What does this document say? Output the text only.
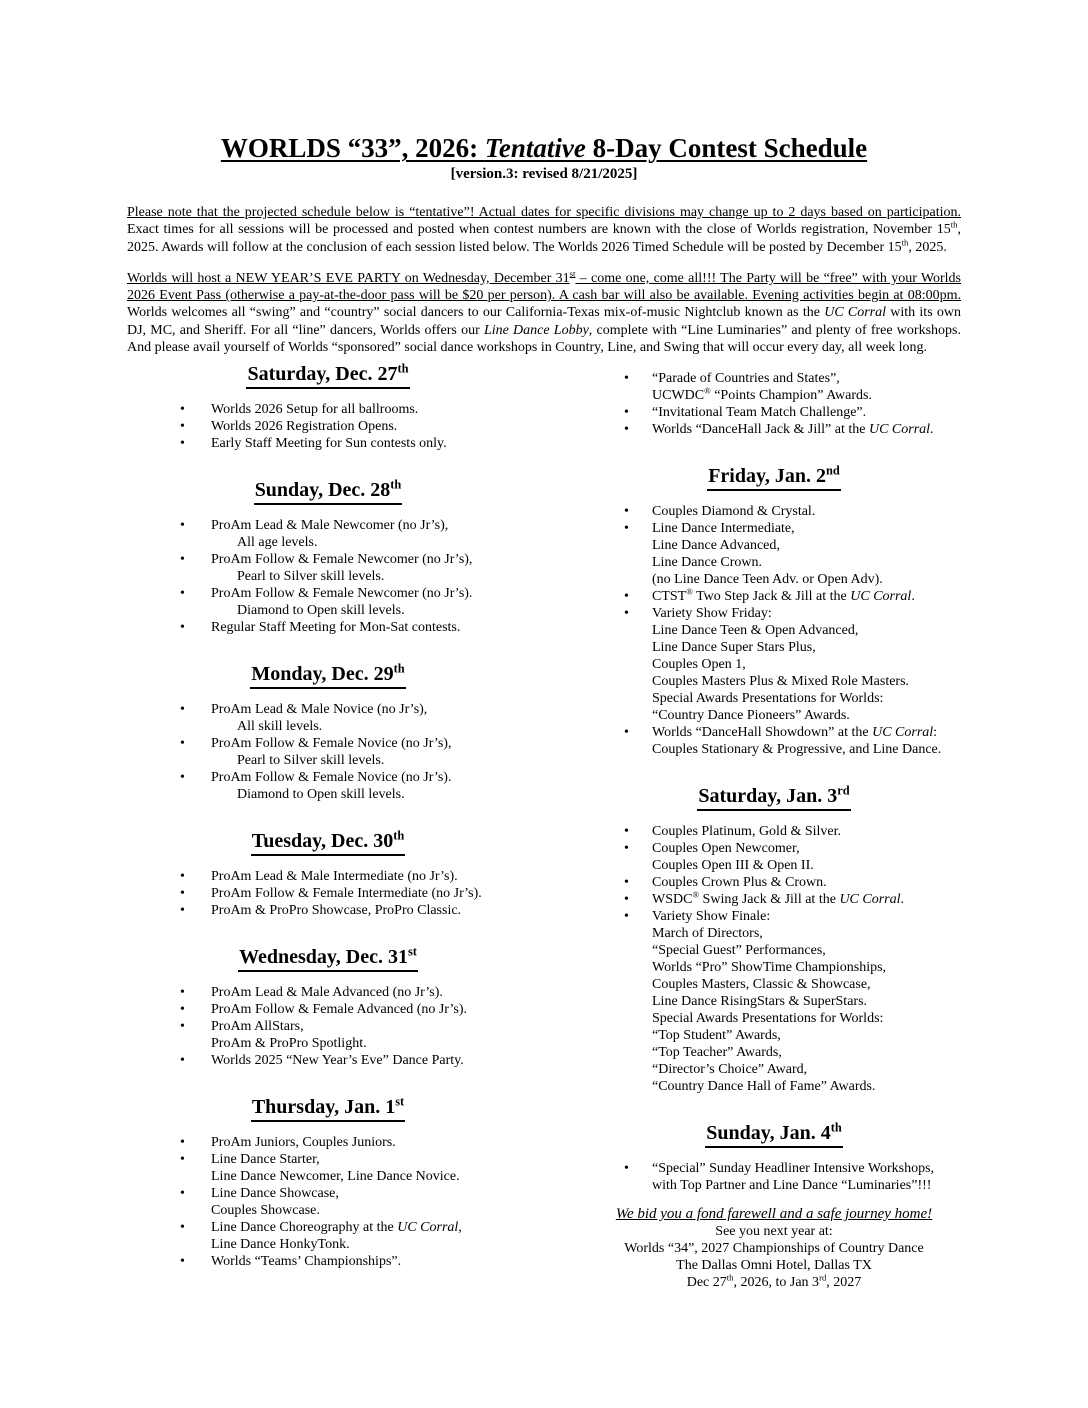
WORLDS “33”, 2026: Tentative 8-Day Contest Schedule
[version.3: revised 8/21/2025]

Please note that the projected schedule below is “tentative”! Actual dates for specific divisions may change up to 2 days based on participation. Exact times for all sessions will be processed and posted when contest numbers are known with the close of Worlds registration, November 15th, 2025. Awards will follow at the conclusion of each session listed below. The Worlds 2026 Timed Schedule will be posted by December 15th, 2025.

Worlds will host a NEW YEAR’S EVE PARTY on Wednesday, December 31st – come one, come all!!! The Party will be “free” with your Worlds 2026 Event Pass (otherwise a pay-at-the-door pass will be $20 per person). A cash bar will also be available. Evening activities begin at 08:00pm. Worlds welcomes all “swing” and “country” social dancers to our California-Texas mix-of-music Nightclub known as the UC Corral with its own DJ, MC, and Sheriff. For all “line” dancers, Worlds offers our Line Dance Lobby, complete with “Line Luminaries” and plenty of free workshops. And please avail yourself of Worlds “sponsored” social dance workshops in Country, Line, and Swing that will occur every day, all week long.

Saturday, Dec. 27th
• Worlds 2026 Setup for all ballrooms.
• Worlds 2026 Registration Opens.
• Early Staff Meeting for Sun contests only.
Sunday, Dec. 28th
• ProAm Lead & Male Newcomer (no Jr’s),
All age levels.
• ProAm Follow & Female Newcomer (no Jr’s),
Pearl to Silver skill levels.
• ProAm Follow & Female Newcomer (no Jr’s).
Diamond to Open skill levels.
• Regular Staff Meeting for Mon-Sat contests.
Monday, Dec. 29th
• ProAm Lead & Male Novice (no Jr’s),
All skill levels.
• ProAm Follow & Female Novice (no Jr’s),
Pearl to Silver skill levels.
• ProAm Follow & Female Novice (no Jr’s).
Diamond to Open skill levels.
Tuesday, Dec. 30th
• ProAm Lead & Male Intermediate (no Jr’s).
• ProAm Follow & Female Intermediate (no Jr’s).
• ProAm & ProPro Showcase, ProPro Classic.
Wednesday, Dec. 31st
• ProAm Lead & Male Advanced (no Jr’s).
• ProAm Follow & Female Advanced (no Jr’s).
• ProAm AllStars,
ProAm & ProPro Spotlight.
• Worlds 2025 “New Year’s Eve” Dance Party.
Thursday, Jan. 1st
• ProAm Juniors, Couples Juniors.
• Line Dance Starter,
Line Dance Newcomer, Line Dance Novice.
• Line Dance Showcase,
Couples Showcase.
• Line Dance Choreography at the UC Corral,
Line Dance HonkyTonk.
• Worlds “Teams’ Championships”.
• “Parade of Countries and States”,
UCWDC® “Points Champion” Awards.
• “Invitational Team Match Challenge”.
• Worlds “DanceHall Jack & Jill” at the UC Corral.
Friday, Jan. 2nd
• Couples Diamond & Crystal.
• Line Dance Intermediate,
Line Dance Advanced,
Line Dance Crown.
(no Line Dance Teen Adv. or Open Adv).
• CTST® Two Step Jack & Jill at the UC Corral.
• Variety Show Friday:
Line Dance Teen & Open Advanced,
Line Dance Super Stars Plus,
Couples Open 1,
Couples Masters Plus & Mixed Role Masters.
Special Awards Presentations for Worlds:
“Country Dance Pioneers” Awards.
• Worlds “DanceHall Showdown” at the UC Corral:
Couples Stationary & Progressive, and Line Dance.
Saturday, Jan. 3rd
• Couples Platinum, Gold & Silver.
• Couples Open Newcomer,
Couples Open III & Open II.
• Couples Crown Plus & Crown.
• WSDC® Swing Jack & Jill at the UC Corral.
• Variety Show Finale:
March of Directors,
“Special Guest” Performances,
Worlds “Pro” ShowTime Championships,
Couples Masters, Classic & Showcase,
Line Dance RisingStars & SuperStars.
Special Awards Presentations for Worlds:
“Top Student” Awards,
“Top Teacher” Awards,
“Director’s Choice” Award,
“Country Dance Hall of Fame” Awards.
Sunday, Jan. 4th
• “Special” Sunday Headliner Intensive Workshops,
with Top Partner and Line Dance “Luminaries”!!!
We bid you a fond farewell and a safe journey home!
See you next year at:
Worlds “34”, 2027 Championships of Country Dance
The Dallas Omni Hotel, Dallas TX
Dec 27th, 2026, to Jan 3rd, 2027
